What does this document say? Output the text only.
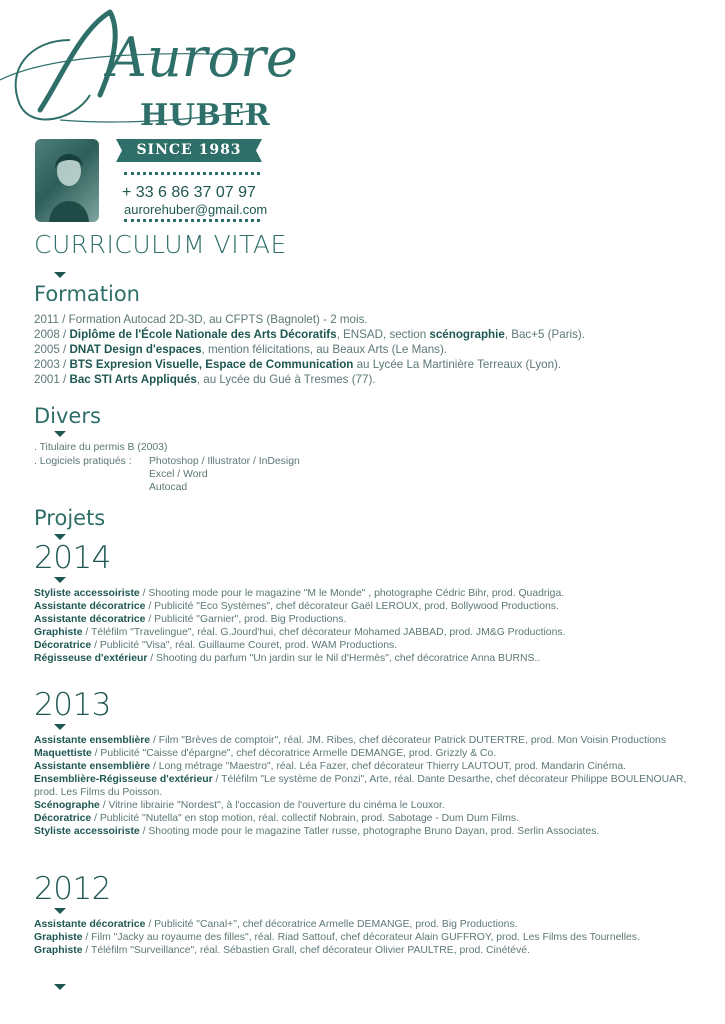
Aurore
HUBER
SINCE 1983
+ 33 6 86 37 07 97
aurorehuber@gmail.com
CURRICULUM VITAE
Formation
2011 / Formation Autocad 2D-3D, au CFPTS (Bagnolet) - 2 mois.
2008 / Diplôme de l'École Nationale des Arts Décoratifs, ENSAD, section scénographie, Bac+5 (Paris).
2005 / DNAT Design d'espaces, mention félicitations, au Beaux Arts (Le Mans).
2003 / BTS Expresion Visuelle, Espace de Communication au Lycée La Martinière Terreaux (Lyon).
2001 / Bac STI Arts Appliqués, au Lycée du Gué à Tresmes (77).
Divers
. Titulaire du permis B (2003)
. Logiciels pratiqués : Photoshop / Illustrator / InDesign
Excel / Word
Autocad
Projets
2014
Styliste accessoiriste / Shooting mode pour le magazine "M le Monde" , photographe Cédric Bihr, prod. Quadriga.
Assistante décoratrice / Publicité "Eco Systèmes", chef décorateur Gaël LEROUX, prod. Bollywood Productions.
Assistante décoratrice / Publicité "Garnier", prod. Big Productions.
Graphiste / Téléfilm "Travelingue", réal. G.Jourd'hui, chef décorateur Mohamed JABBAD, prod. JM&G Productions.
Décoratrice / Publicité "Visa", réal. Guillaume Couret, prod. WAM Productions.
Régisseuse d'extérieur / Shooting du parfum "Un jardin sur le Nil d'Hermès", chef décoratrice Anna BURNS..
2013
Assistante ensemblière / Film "Brèves de comptoir", réal. JM. Ribes, chef décorateur Patrick DUTERTRE, prod. Mon Voisin Productions
Maquettiste / Publicité "Caisse d'épargne", chef décoratrice Armelle DEMANGE, prod. Grizzly & Co.
Assistante ensemblière / Long métrage "Maestro", réal. Léa Fazer, chef décorateur Thierry LAUTOUT, prod. Mandarin Cinéma.
Ensemblière-Régisseuse d'extérieur / Téléfilm "Le système de Ponzi", Arte, réal. Dante Desarthe, chef décorateur Philippe BOULENOUAR, prod. Les Films du Poisson.
Scénographe / Vitrine librairie "Nordest", à l'occasion de l'ouverture du cinéma le Louxor.
Décoratrice / Publicité "Nutella" en stop motion, réal. collectif Nobrain, prod. Sabotage - Dum Dum Films.
Styliste accessoiriste / Shooting mode pour le magazine Tatler russe, photographe Bruno Dayan, prod. Serlin Associates.
2012
Assistante décoratrice / Publicité "Canal+", chef décoratrice Armelle DEMANGE, prod. Big Productions.
Graphiste / Film "Jacky au royaume des filles", réal. Riad Sattouf, chef décorateur Alain GUFFROY, prod. Les Films des Tournelles.
Graphiste / Téléfilm "Surveillance", réal. Sébastien Grall, chef décorateur Olivier PAULTRE, prod. Cinétévé.
